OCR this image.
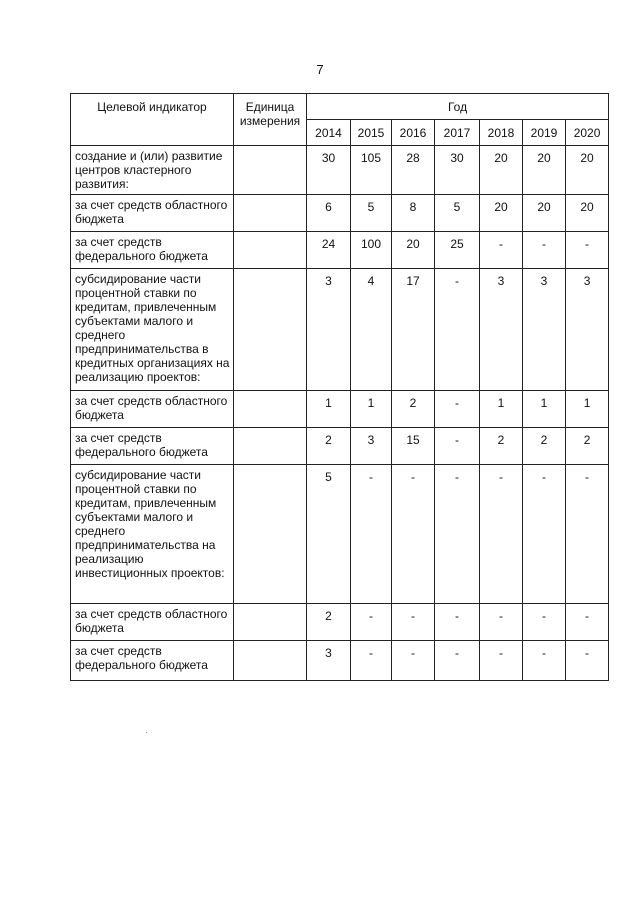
7
Целевой индикатор	Единица измерения	Год						
		2014	2015	2016	2017	2018	2019	2020
создание и (или) развитие центров кластерного развития:		30	105	28	30	20	20	20
за счет средств областного бюджета		6	5	8	5	20	20	20
за счет средств федерального бюджета		24	100	20	25	-	-	-
субсидирование части процентной ставки по кредитам, привлеченным субъектами малого и среднего предпринимательства в кредитных организациях на реализацию проектов:		3	4	17	-	3	3	3
за счет средств областного бюджета		1	1	2	-	1	1	1
за счет средств федерального бюджета		2	3	15	-	2	2	2
субсидирование части процентной ставки по кредитам, привлеченным субъектами малого и среднего предпринимательства на реализацию инвестиционных проектов:		5	-	-	-	-	-	-
за счет средств областного бюджета		2	-	-	-	-	-	-
за счет средств федерального бюджета		3	-	-	-	-	-	-
